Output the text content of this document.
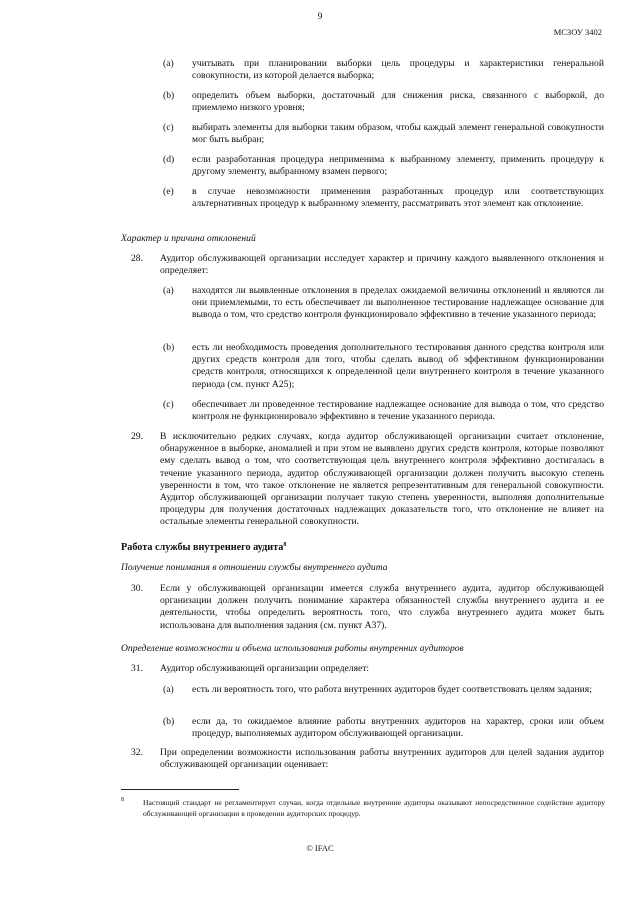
9
МСЗОУ 3402
(a) учитывать при планировании выборки цель процедуры и характеристики генеральной совокупности, из которой делается выборка;
(b) определить объем выборки, достаточный для снижения риска, связанного с выборкой, до приемлемо низкого уровня;
(c) выбирать элементы для выборки таким образом, чтобы каждый элемент генеральной совокупности мог быть выбран;
(d) если разработанная процедура неприменима к выбранному элементу, применить процедуру к другому элементу, выбранному взамен первого;
(e) в случае невозможности применения разработанных процедур или соответствующих альтернативных процедур к выбранному элементу, рассматривать этот элемент как отклонение.
Характер и причина отклонений
28. Аудитор обслуживающей организации исследует характер и причину каждого выявленного отклонения и определяет:
(a) находятся ли выявленные отклонения в пределах ожидаемой величины отклонений и являются ли они приемлемыми, то есть обеспечивает ли выполненное тестирование надлежащее основание для вывода о том, что средство контроля функционировало эффективно в течение указанного периода;
(b) есть ли необходимость проведения дополнительного тестирования данного средства контроля или других средств контроля для того, чтобы сделать вывод об эффективном функционировании средств контроля, относящихся к определенной цели внутреннего контроля в течение указанного периода (см. пункт А25);
(c) обеспечивает ли проведенное тестирование надлежащее основание для вывода о том, что средство контроля не функционировало эффективно в течение указанного периода.
29. В исключительно редких случаях, когда аудитор обслуживающей организации считает отклонение, обнаруженное в выборке, аномалией и при этом не выявлено других средств контроля, которые позволяют ему сделать вывод о том, что соответствующая цель внутреннего контроля эффективно достигалась в течение указанного периода, аудитор обслуживающей организации должен получить высокую степень уверенности в том, что такое отклонение не является репрезентативным для генеральной совокупности. Аудитор обслуживающей организации получает такую степень уверенности, выполняя дополнительные процедуры для получения достаточных надлежащих доказательств того, что отклонение не влияет на остальные элементы генеральной совокупности.
Работа службы внутреннего аудита$^8$
Получение понимания в отношении службы внутреннего аудита
30. Если у обслуживающей организации имеется служба внутреннего аудита, аудитор обслуживающей организации должен получить понимание характера обязанностей службы внутреннего аудита и ее деятельности, чтобы определить вероятность того, что служба внутреннего аудита может быть использована для выполнения задания (см. пункт А37).
Определение возможности и объема использования работы внутренних аудиторов
31. Аудитор обслуживающей организации определяет:
(a) есть ли вероятность того, что работа внутренних аудиторов будет соответствовать целям задания;
(b) если да, то ожидаемое влияние работы внутренних аудиторов на характер, сроки или объем процедур, выполняемых аудитором обслуживающей организации.
32. При определении возможности использования работы внутренних аудиторов для целей задания аудитор обслуживающей организации оценивает:
8	Настоящий стандарт не регламентирует случаи, когда отдельные внутренние аудиторы оказывают непосредственное содействие аудитору обслуживающей организации в проведении аудиторских процедур.
© IFAC
